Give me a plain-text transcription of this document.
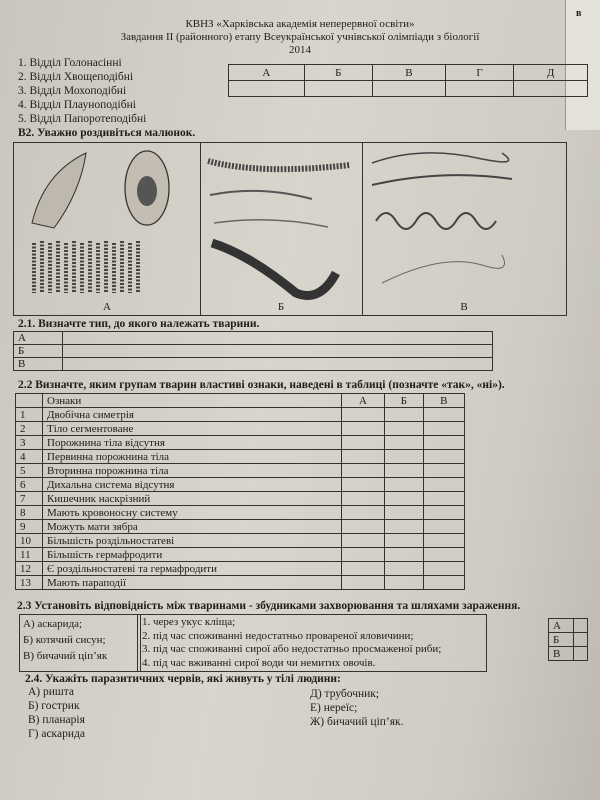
в
КВНЗ «Харківська академія неперервної освіти»
Завдання ІІ (районного) етапу Всеукраїнської учнівської олімпіади з біології
2014
1. Відділ Голонасінні
2. Відділ Хвощеподібні
3. Відділ Мохоподібні
4. Відділ Плауноподібні
5. Відділ Папоротеподібні
А	Б	В	Г	Д

В2. Уважно роздивіться малюнок.
А	Б	В
2.1. Визначте тип, до якого належать тварини.
А	
Б	
В	
2.2 Визначте, яким групам тварин властиві ознаки, наведені в таблиці (позначте «так», «ні»).
	Ознаки	А	Б	В
1	Двобічна симетрія			
2	Тіло сегментоване			
3	Порожнина тіла відсутня			
4	Первинна порожнина тіла			
5	Вторинна порожнина тіла			
6	Дихальна система відсутня			
7	Кишечник наскрізний			
8	Мають кровоносну систему			
9	Можуть мати зябра			
10	Більшість роздільностатеві			
11	Більшість гермафродити			
12	Є роздільностатеві та гермафродити			
13	Мають параподії			
2.3 Установіть відповідність між тваринами - збудниками захворювання та шляхами зараження.
А) аскарида;
Б) котячий сисун;
В) бичачий ціп’як
1. через укус кліща;
2. під час споживанні недостатньо провареної яловичини;
3. під час споживанні сирої або недостатньо просмаженої риби;
4. під час вживанні сирої води чи немитих овочів.
А	
Б	
В	
2.4. Укажіть паразитичних червів, які живуть у тілі людини:
А) ришта
Б) гострик
В) планарія
Г) аскарида
Д) трубочник;
Е) нереїс;
Ж) бичачий ціп’як.
